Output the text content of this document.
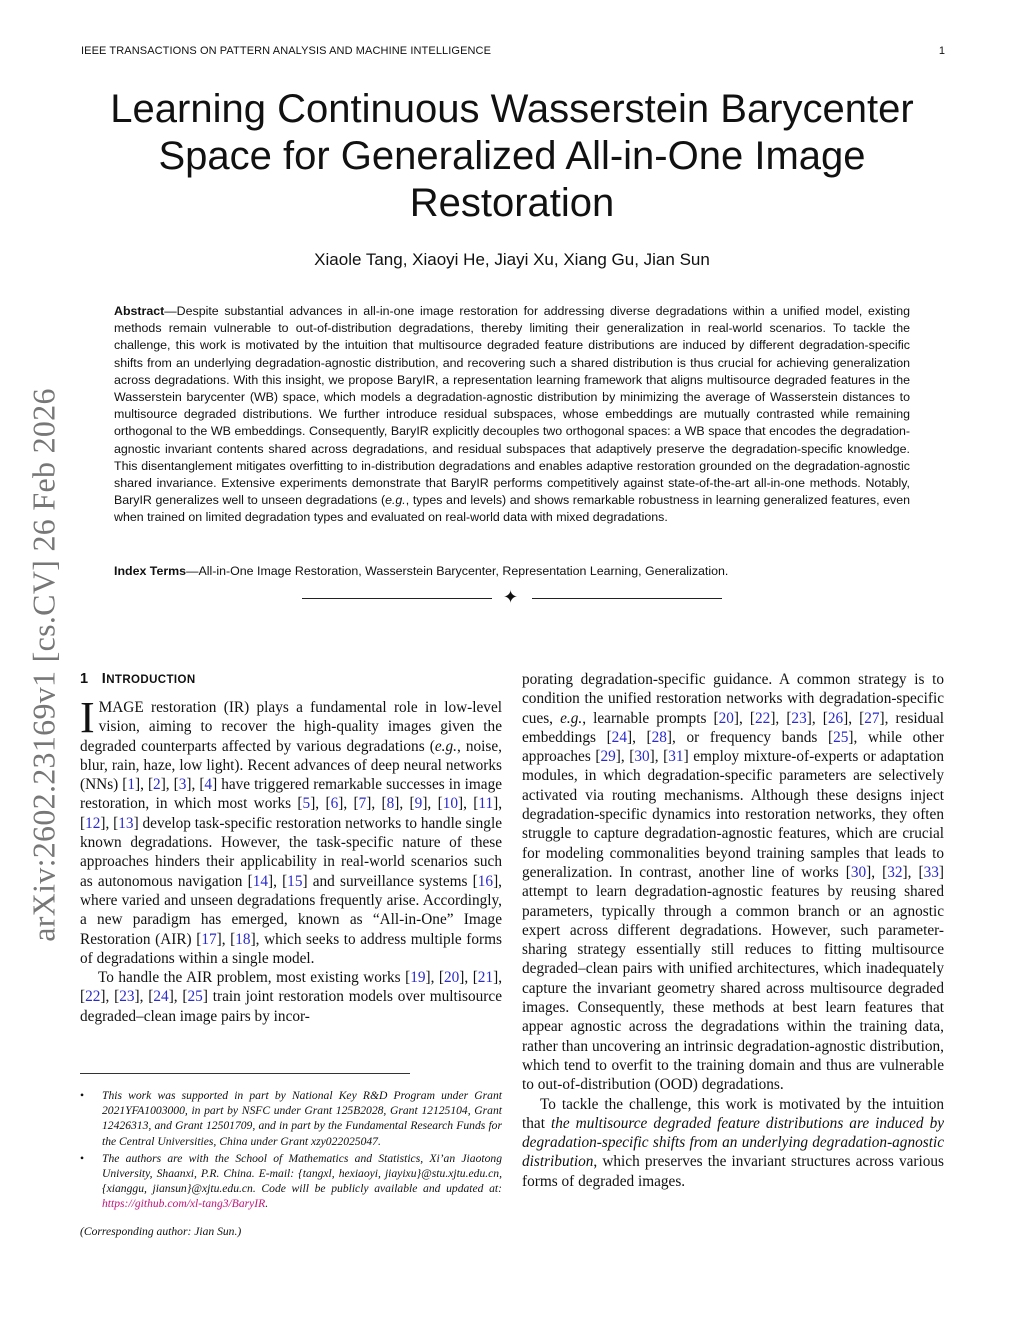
IEEE TRANSACTIONS ON PATTERN ANALYSIS AND MACHINE INTELLIGENCE	1
arXiv:2602.23169v1 [cs.CV] 26 Feb 2026
Learning Continuous Wasserstein Barycenter Space for Generalized All-in-One Image Restoration
Xiaole Tang, Xiaoyi He, Jiayi Xu, Xiang Gu, Jian Sun

Abstract—Despite substantial advances in all-in-one image restoration for addressing diverse degradations within a unified model, existing methods remain vulnerable to out-of-distribution degradations, thereby limiting their generalization in real-world scenarios. To tackle the challenge, this work is motivated by the intuition that multisource degraded feature distributions are induced by different degradation-specific shifts from an underlying degradation-agnostic distribution, and recovering such a shared distribution is thus crucial for achieving generalization across degradations. With this insight, we propose BaryIR, a representation learning framework that aligns multisource degraded features in the Wasserstein barycenter (WB) space, which models a degradation-agnostic distribution by minimizing the average of Wasserstein distances to multisource degraded distributions. We further introduce residual subspaces, whose embeddings are mutually contrasted while remaining orthogonal to the WB embeddings. Consequently, BaryIR explicitly decouples two orthogonal spaces: a WB space that encodes the degradation-agnostic invariant contents shared across degradations, and residual subspaces that adaptively preserve the degradation-specific knowledge. This disentanglement mitigates overfitting to in-distribution degradations and enables adaptive restoration grounded on the degradation-agnostic shared invariance. Extensive experiments demonstrate that BaryIR performs competitively against state-of-the-art all-in-one methods. Notably, BaryIR generalizes well to unseen degradations (e.g., types and levels) and shows remarkable robustness in learning generalized features, even when trained on limited degradation types and evaluated on real-world data with mixed degradations.

Index Terms—All-in-One Image Restoration, Wasserstein Barycenter, Representation Learning, Generalization.

✦
1 INTRODUCTION

IMAGE restoration (IR) plays a fundamental role in low-level vision, aiming to recover the high-quality images given the degraded counterparts affected by various degradations (e.g., noise, blur, rain, haze, low light). Recent advances of deep neural networks (NNs) [1], [2], [3], [4] have triggered remarkable successes in image restoration, in which most works [5], [6], [7], [8], [9], [10], [11], [12], [13] develop task-specific restoration networks to handle single known degradations. However, the task-specific nature of these approaches hinders their applicability in real-world scenarios such as autonomous navigation [14], [15] and surveillance systems [16], where varied and unseen degradations frequently arise. Accordingly, a new paradigm has emerged, known as “All-in-One” Image Restoration (AIR) [17], [18], which seeks to address multiple forms of degradations within a single model.

To handle the AIR problem, most existing works [19], [20], [21], [22], [23], [24], [25] train joint restoration models over multisource degraded–clean image pairs by incor-

• This work was supported in part by National Key R&D Program under Grant 2021YFA1003000, in part by NSFC under Grant 125B2028, Grant 12125104, Grant 12426313, and Grant 12501709, and in part by the Fundamental Research Funds for the Central Universities, China under Grant xzy022025047.
• The authors are with the School of Mathematics and Statistics, Xi’an Jiaotong University, Shaanxi, P.R. China. E-mail: {tangxl, hexiaoyi, jiayixu}@stu.xjtu.edu.cn, {xianggu, jiansun}@xjtu.edu.cn. Code will be publicly available and updated at: https://github.com/xl-tang3/BaryIR.
(Corresponding author: Jian Sun.)

porating degradation-specific guidance. A common strategy is to condition the unified restoration networks with degradation-specific cues, e.g., learnable prompts [20], [22], [23], [26], [27], residual embeddings [24], [28], or frequency bands [25], while other approaches [29], [30], [31] employ mixture-of-experts or adaptation modules, in which degradation-specific parameters are selectively activated via routing mechanisms. Although these designs inject degradation-specific dynamics into restoration networks, they often struggle to capture degradation-agnostic features, which are crucial for modeling commonalities beyond training samples that leads to generalization. In contrast, another line of works [30], [32], [33] attempt to learn degradation-agnostic features by reusing shared parameters, typically through a common branch or an agnostic expert across different degradations. However, such parameter-sharing strategy essentially still reduces to fitting multisource degraded–clean pairs with unified architectures, which inadequately capture the invariant geometry shared across multisource degraded images. Consequently, these methods at best learn features that appear agnostic across the degradations within the training data, rather than uncovering an intrinsic degradation-agnostic distribution, which tend to overfit to the training domain and thus are vulnerable to out-of-distribution (OOD) degradations.

To tackle the challenge, this work is motivated by the intuition that the multisource degraded feature distributions are induced by degradation-specific shifts from an underlying degradation-agnostic distribution, which preserves the invariant structures across various forms of degraded images.
